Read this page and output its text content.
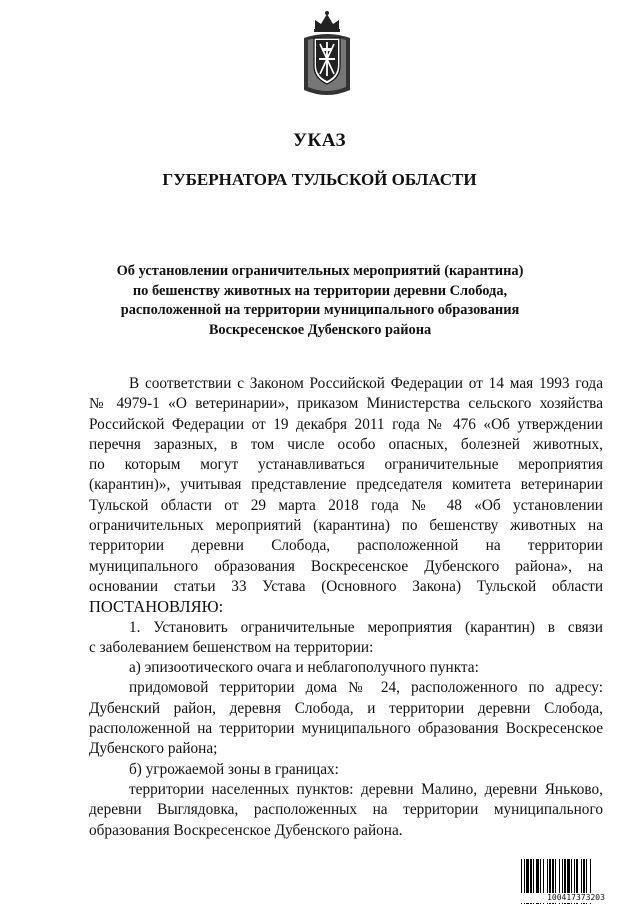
УКАЗ
ГУБЕРНАТОРА ТУЛЬСКОЙ ОБЛАСТИ
Об установлении ограничительных мероприятий (карантина)
по бешенству животных на территории деревни Слобода,
расположенной на территории муниципального образования
Воскресенское Дубенского района
В соответствии с Законом Российской Федерации от 14 мая 1993 года
№ 4979-1 «О ветеринарии», приказом Министерства сельского хозяйства
Российской Федерации от 19 декабря 2011 года № 476 «Об утверждении
перечня заразных, в том числе особо опасных, болезней животных,
по которым могут устанавливаться ограничительные мероприятия
(карантин)», учитывая представление председателя комитета ветеринарии
Тульской области от 29 марта 2018 года № 48 «Об установлении
ограничительных мероприятий (карантина) по бешенству животных на
территории деревни Слобода, расположенной на территории
муниципального образования Воскресенское Дубенского района», на
основании статьи 33 Устава (Основного Закона) Тульской области
ПОСТАНОВЛЯЮ:
1. Установить ограничительные мероприятия (карантин) в связи
с заболеванием бешенством на территории:
а) эпизоотического очага и неблагополучного пункта:
придомовой территории дома № 24, расположенного по адресу:
Дубенский район, деревня Слобода, и территории деревни Слобода,
расположенной на территории муниципального образования Воскресенское
Дубенского района;
б) угрожаемой зоны в границах:
территории населенных пунктов: деревни Малино, деревни Яньково,
деревни Выглядовка, расположенных на территории муниципального
образования Воскресенское Дубенского района.
100417373203
